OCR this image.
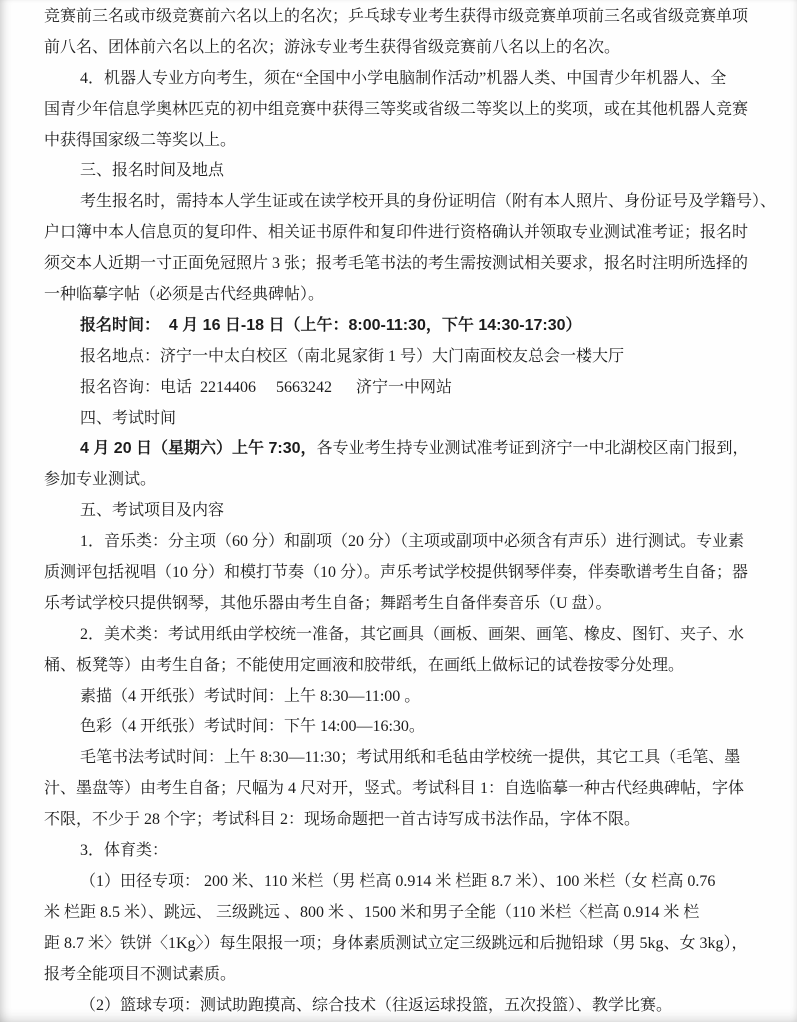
竞赛前三名或市级竞赛前六名以上的名次；乒乓球专业考生获得市级竞赛单项前三名或省级竞赛单项
前八名、团体前六名以上的名次；游泳专业考生获得省级竞赛前八名以上的名次。
4．机器人专业方向考生，须在“全国中小学电脑制作活动”机器人类、中国青少年机器人、全
国青少年信息学奥林匹克的初中组竞赛中获得三等奖或省级二等奖以上的奖项，或在其他机器人竞赛
中获得国家级二等奖以上。
三、报名时间及地点
考生报名时，需持本人学生证或在读学校开具的身份证明信（附有本人照片、身份证号及学籍号）、
户口簿中本人信息页的复印件、相关证书原件和复印件进行资格确认并领取专业测试准考证；报名时
须交本人近期一寸正面免冠照片 3 张；报考毛笔书法的考生需按测试相关要求，报名时注明所选择的
一种临摹字帖（必须是古代经典碑帖）。
报名时间：  4 月 16 日-18 日（上午：8:00-11:30，下午 14:30-17:30）
报名地点：济宁一中太白校区（南北晁家街 1 号）大门南面校友总会一楼大厅
报名咨询：电话  2214406     5663242      济宁一中网站
四、考试时间
4 月 20 日（星期六）上午 7:30，各专业考生持专业测试准考证到济宁一中北湖校区南门报到，
参加专业测试。
五、考试项目及内容
1．音乐类：分主项（60 分）和副项（20 分）（主项或副项中必须含有声乐）进行测试。专业素
质测评包括视唱（10 分）和模打节奏（10 分）。声乐考试学校提供钢琴伴奏，伴奏歌谱考生自备；器
乐考试学校只提供钢琴，其他乐器由考生自备；舞蹈考生自备伴奏音乐（U 盘）。
2．美术类：考试用纸由学校统一准备，其它画具（画板、画架、画笔、橡皮、图钉、夹子、水
桶、板凳等）由考生自备；不能使用定画液和胶带纸，在画纸上做标记的试卷按零分处理。
素描（4 开纸张）考试时间：上午 8:30—11:00 。
色彩（4 开纸张）考试时间：下午 14:00—16:30。
毛笔书法考试时间：上午 8:30—11:30；考试用纸和毛毡由学校统一提供，其它工具（毛笔、墨
汁、墨盘等）由考生自备；尺幅为 4 尺对开，竖式。考试科目 1：自选临摹一种古代经典碑帖，字体
不限，不少于 28 个字；考试科目 2：现场命题把一首古诗写成书法作品，字体不限。
3．体育类：
（1）田径专项： 200 米、110 米栏（男 栏高 0.914 米 栏距 8.7 米）、100 米栏（女 栏高 0.76
米 栏距 8.5 米）、跳远、 三级跳远 、800 米 、1500 米和男子全能（110 米栏〈栏高 0.914 米 栏
距 8.7 米〉铁饼〈1Kg〉）每生限报一项；身体素质测试立定三级跳远和后抛铅球（男 5kg、女 3kg），
报考全能项目不测试素质。
（2）篮球专项：测试助跑摸高、综合技术（往返运球投篮，五次投篮）、教学比赛。
